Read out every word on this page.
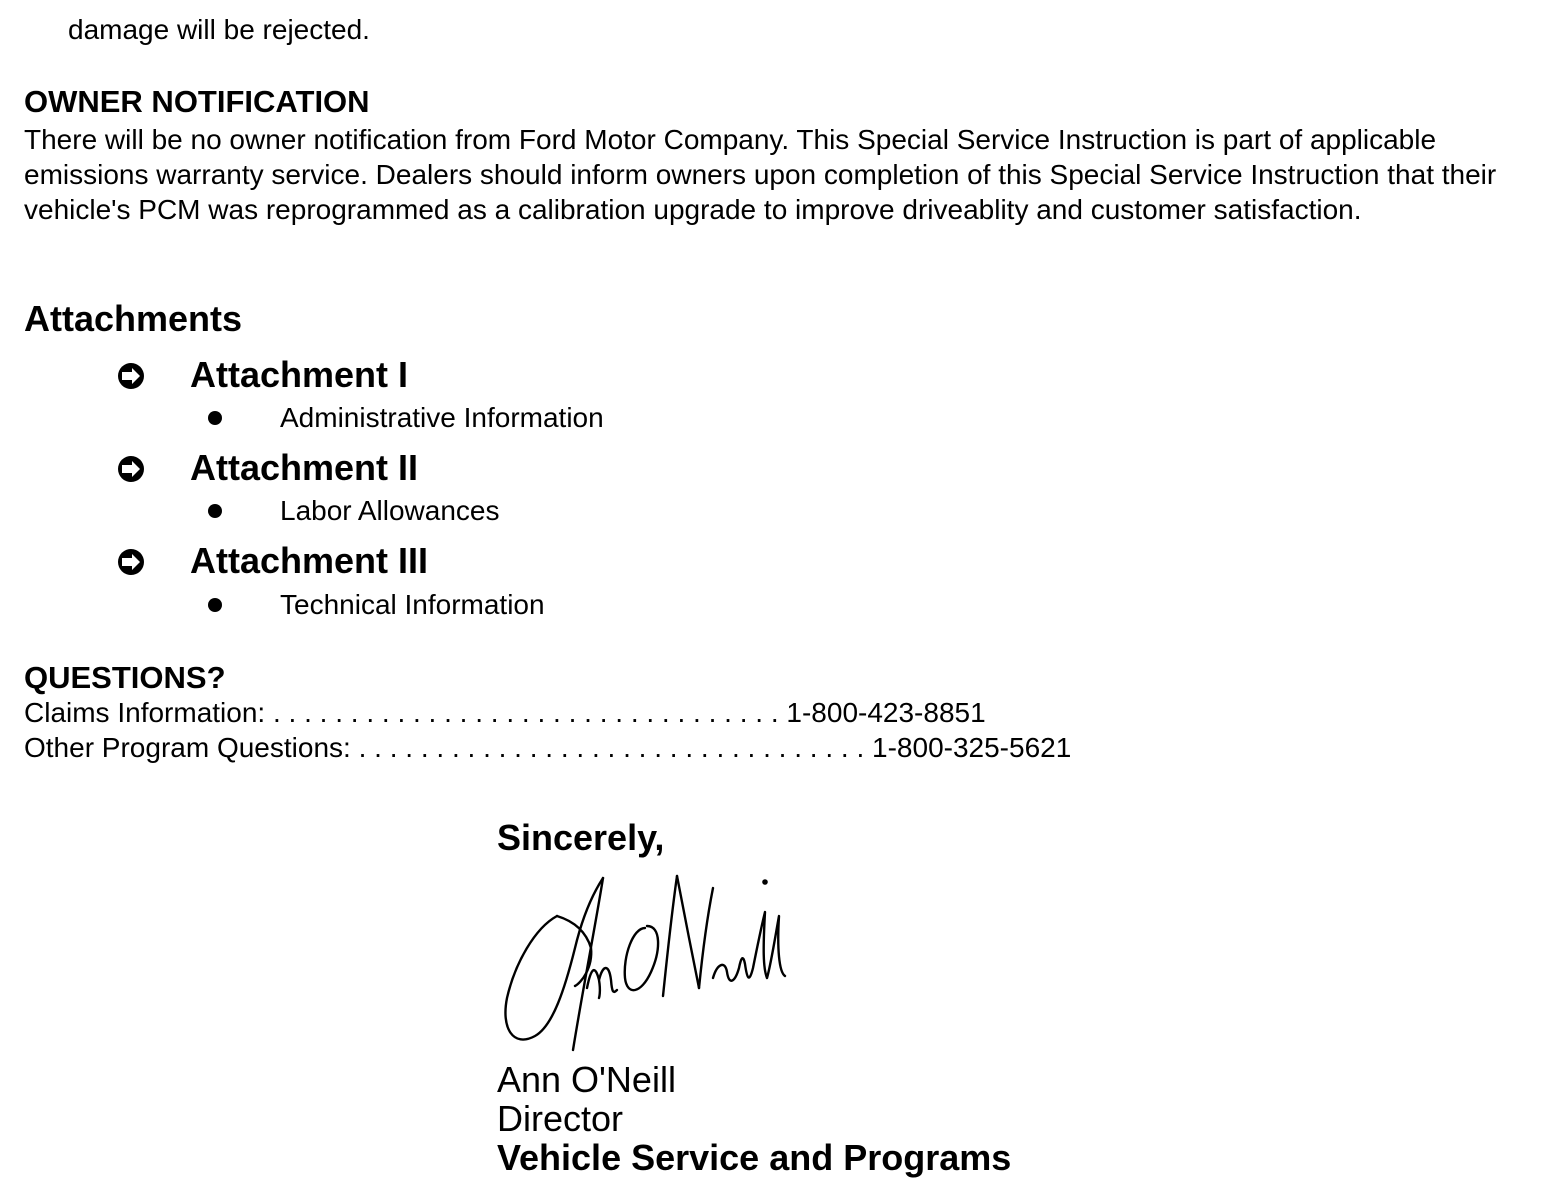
damage will be rejected.
OWNER NOTIFICATION
There will be no owner notification from Ford Motor Company. This Special Service Instruction is part of applicable emissions warranty service. Dealers should inform owners upon completion of this Special Service Instruction that their vehicle's PCM was reprogrammed as a calibration upgrade to improve driveablity and customer satisfaction.
Attachments
Attachment I
Administrative Information
Attachment II
Labor Allowances
Attachment III
Technical Information
QUESTIONS?
Claims Information: . . . . . . . . . . . . . . . . . . . . . . . . . . . . . . . . . 1-800-423-8851
Other Program Questions: . . . . . . . . . . . . . . . . . . . . . . . . . . . . . . . . . 1-800-325-5621
Sincerely,
Ann O'Neill
Director
Vehicle Service and Programs
